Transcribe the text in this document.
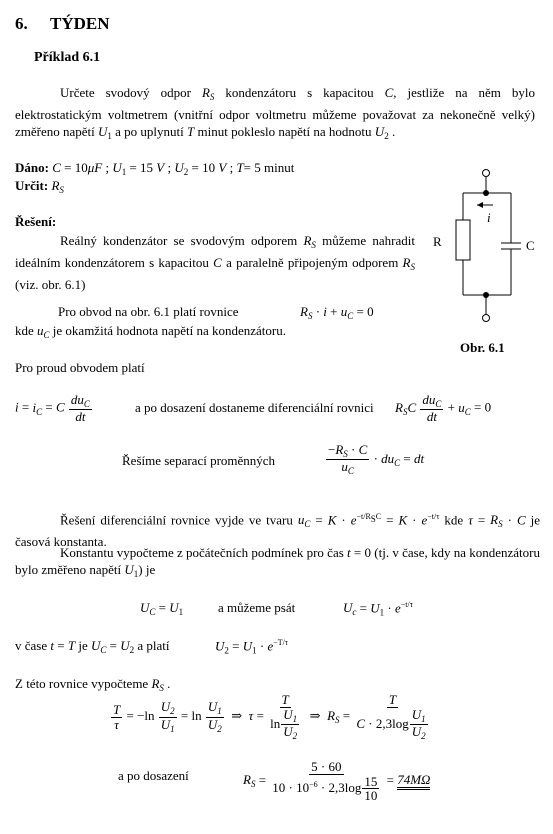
6. TÝDEN
Příklad 6.1

Určete svodový odpor $R_S$ kondenzátoru s kapacitou C, jestliže na něm bylo elektrostatickým voltmetrem (vnitřní odpor voltmetru můžeme považovat za nekonečně velký) změřeno napětí $U_1$ a po uplynutí T minut pokleslo napětí na hodnotu $U_2$ .

Dáno: C = 10μF ; $U_1 = 15$ V ; $U_2 = 10$ V ; T= 5 minut
Určit: $R_S$
Řešení:

Reálný kondenzátor se svodovým odporem $R_S$ můžeme nahradit ideálním kondenzátorem s kapacitou C a paralelně připojeným odporem $R_S$ (viz. obr. 6.1)

i
R	C
Obr. 6.1
Pro obvod na obr. 6.1 platí rovnice	$R_S \cdot i + u_C = 0$
kde $u_C$ je okamžitá hodnota napětí na kondenzátoru.
Pro proud obvodem platí
$i = i_C = C \frac{du_C}{dt}$	a po dosazení dostaneme diferenciální rovnici $R_SC \frac{du_C}{dt} + u_C = 0$
Řešíme separací proměnných	$\frac{-R_S \cdot C}{u_C} \cdot du_C$ = dt

Řešení diferenciální rovnice vyjde ve tvaru $u_C = K \cdot e^{-t/R_SC} = K \cdot e^{-t/\tau}$ kde $\tau = R_S \cdot C$ je časová konstanta.

Konstantu vypočteme z počátečních podmínek pro čas t = 0 (tj. v čase, kdy na kondenzátoru bylo změřeno napětí $U_1$) je

$U_C = U_1$	a můžeme psát	$U_c = U_1 \cdot e^{-t/\tau}$
v čase t = T je $U_C = U_2$ a platí	$U_2 = U_1 \cdot e^{-T/\tau}$
Z této rovnice vypočteme $R_S$ .
$\frac{T}{\tau} = -\ln \frac{U_2}{U_1} = \ln \frac{U_1}{U_2}$ ⇒  $\tau = \frac{T}{\ln \frac{U_1}{U_2}}$ ⇒  $R_S = \frac{T}{C \cdot 2,3\log \frac{U_1}{U_2}}$
a po dosazení	$R_S = \frac{5 \cdot 60}{10 \cdot 10^{-6} \cdot 2,3\log \frac{15}{10}} = 74M\Omega$
